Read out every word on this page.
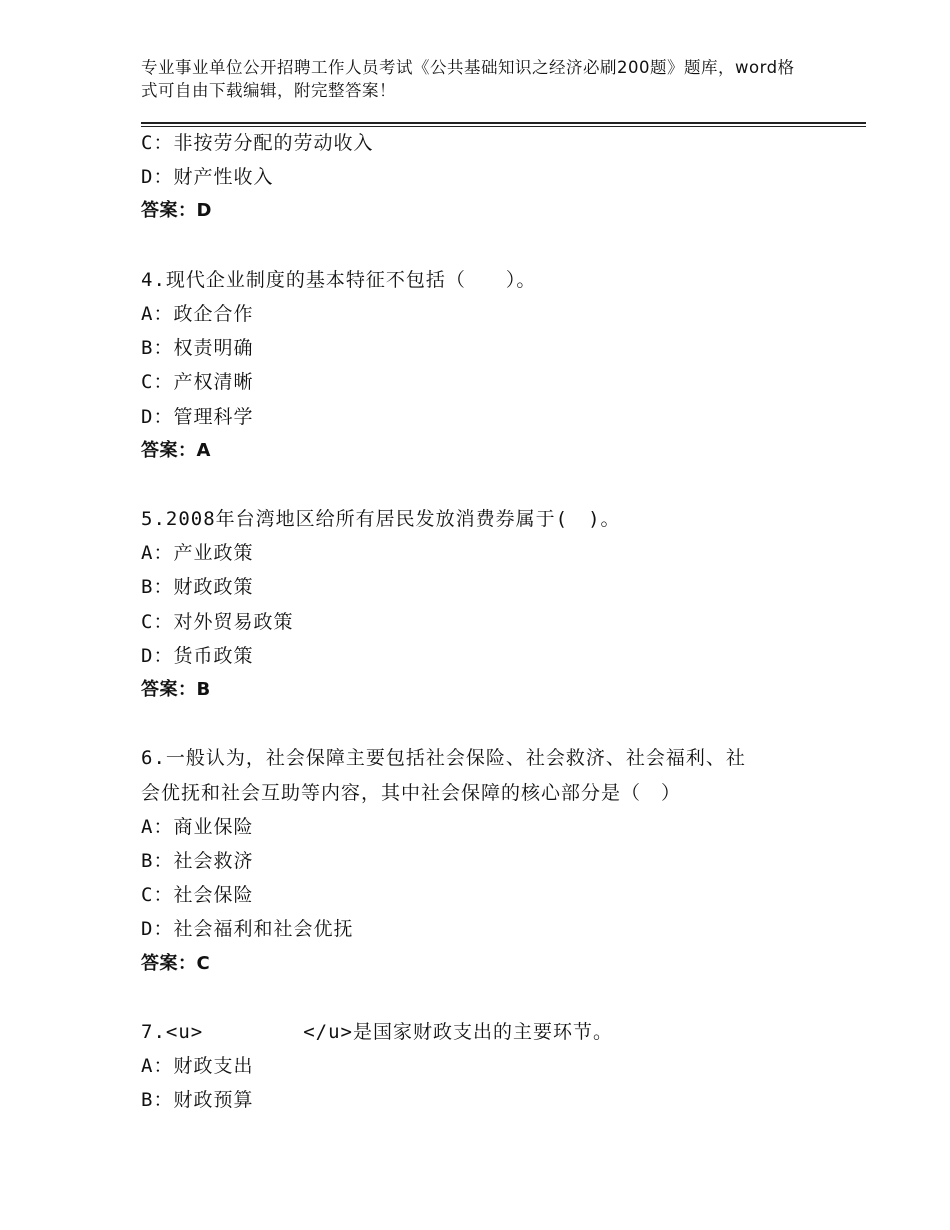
专业事业单位公开招聘工作人员考试《公共基础知识之经济必刷200题》题库，word格式可自由下载编辑，附完整答案！
C：非按劳分配的劳动收入
D：财产性收入
答案：D
4.现代企业制度的基本特征不包括（　　）。
A：政企合作
B：权责明确
C：产权清晰
D：管理科学
答案：A
5.2008年台湾地区给所有居民发放消费券属于(　)。
A：产业政策
B：财政政策
C：对外贸易政策
D：货币政策
答案：B
6.一般认为，社会保障主要包括社会保险、社会救济、社会福利、社
会优抚和社会互助等内容，其中社会保障的核心部分是（　）
A：商业保险
B：社会救济
C：社会保险
D：社会福利和社会优抚
答案：C
7.<u>　　　　　</u>是国家财政支出的主要环节。
A：财政支出
B：财政预算
